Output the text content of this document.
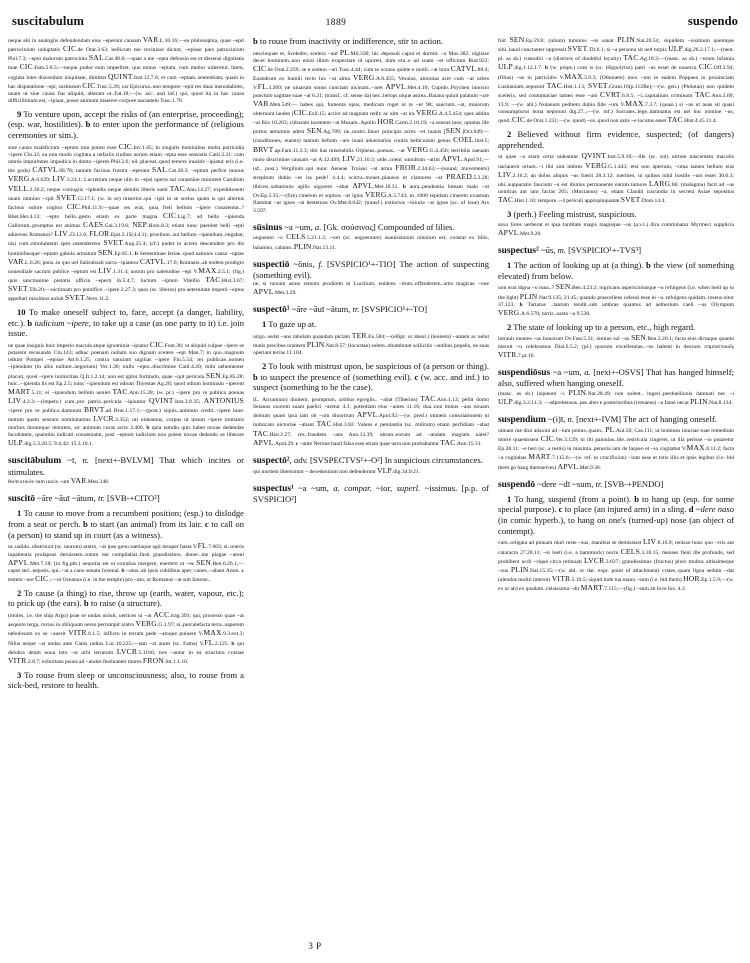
suscitabulum	1889	suspendo

neque alii in analogiis defendendam eius ~eperunt causam VAR.L.10.16;—ea philosophia, quae ~epit patrocinium uoluptatis CIC.de Orat.3.63; bellicum me cecinisse dicunt, ~episse pars patrocinium Phil.7.3; ~epto malorum patrocinio SAL.Cat.48.8;—quae a me ~epta defensio est et dissensi dignitatis tuae CIC.Fam.5.8.5;—neque..pudor eum impediret, quo minus ~eptam, cum melior uideretur, litem, cognita inter discendum iniquitate, dimittat QUINT.Inst.12.7.6; et cum ~eptam..sententiam, quam in hac disputatione ~epi, sustineam CIC.Tusc.5.28; car Epicurus..uno tempore ~epit res duas inenodabiles, unam ut sine causa fiat aliquid, alteram ut..Fat.18;—(w. acc. and inf.) qui, quod ita in hac causa difficillimum est, ~ipiant, posse animum maerere corpore uacantem Tusc.1.78.

9 To venture upon, accept the risks of (an enterprise, proceeding); (esp. war, hostilities). b to enter upon the performance of (religious ceremonies or sim.).

sine causa maleficium ~eptum non potest esse CIC.Inv.1.45; in singulis hominibus multa parricidia ~ipere Clu.32; ea non modo cogitata a nefariis ciuibus uerum etiam ~epta esse sensistis Catil.3.21; cum omnis impuritates impudica in domo ~iperes Phil.2.6; nil..placeat..quod temere inusitis ~ipiatur eris (i.e. the gods) CATVL.68.78; tantum facinus frustra ~eperant SAL.Cat.28.3; ~eptum perfice munus VERG.A.6.629; LIV.3.24.1; Lucretium neque ullo in ~epsi operis sui conamine minorem Catullum VELL.2.36.2; neque coniugiis ~iplendis neque alendis liberis sueti TAC.Ann.14.27; expeditionem unam omnino ~cpit SVET.Cl.17.1; (w. in se) miserior..qui ~ipit in se scelus quam is qui alterius facinus subire cogitur CIC.Phil.11.9;—quae res erat, quia freti bellum ~ipere conarentur..? Rhet.Her.4.13; ~epto bello..gesto etiam ex parte magna CIC.Lig.7; ad bella ~ipienda Gallorum..promptus est animus CAES.Gal.3.19.6; NEP.Hom.8.3; etiam nunc paenitet belli ~epti aduersus Romanos? LIV.23.12.6; FLOR.Epit.2.15(4.4.1); proelium..aut bellum ~ipiendum..negabat, nisi cum..emolumenti spes..ostenderetur SVET.Aug.25.4; (cf.) pudet in aciem descendere pro dis hominibusque ~eptam gabula armatum SEN.Ep.85.1. b Sementiuae feriae..quod sationis causa ~optae VAR.L.6.26; pons..in quo uel Salisubsali sacra ~ipiantur CATVL.17.6; Romanis..ab eodem prodigio nouendiale sacrum publice ~eptum est LIV.1.31.4; uotum pro ualetudine ~epi V.MAX.2.5.1; (fig.) quis sanctissime pietatis officia ~eperit ib.5.4.7; luctum ~iptum Vitellio TAC.Hist.3.67; SVET.Tib.20;—uictimam pro pontifice..~ipere 2.27.3; quos (sc. liberos) pro aeternitate imperii ~eptos appellari maximos uoluit SVET.Nero 11.2.

10 To make oneself subject to, face, accept (a danger, liability, etc.). b iudicium ~ipere, to take up a case (as one party to it) i.e. join issue.

ne quae insignis huic imperio macula atque ignominia ~ipiatur CIC.Font.36; ut aliquid culpae ~ipere se putarent recusando Clu.143; adhuc poenam nullam suo dignam scelere ~ept Man.7; in quo..magnum odium Pompei ~episse Att.6.1.25; contra naturam uigilias ~ipere Fin.5.54; rei publicae..nomen ~ipiendum (in aliis nullum..negotium) Ver.1.36; nullo ~epto..discrimine Catil.4.20; mihi uehementer placuit, quod ~ipere inimicitias Q.fr.1.2.14; non est igitur fortitudo, quae ~ipit pericula SEN.Ep.85.28; huic..~ipienda lis est Ep.2.5; nunc ~ipiendum est odium Thyestae Ag.28; quod odium hominum ~iperent MART.5.11; ei ~ipiendum bellum ueniet TAC.Ann.15.28; (w. pr.) ~ipere pro re publica poenas LIV.4.2.3;—(impers.) cum..pro patria..pericula ~ipiuntur QVINT.Inst.3.8.35; ANTONIUS ~ipere pro re publica..damnum BRVT.ad Brut.1.17.1;—(post.) siquis..animum credit..~ipere hunc motum quem sensum nominitamus LVCR.3.352; uti uideamus, corpus ut ipsum ~ipere immanis morbos durumque dolorem, sic animum curas acris 3.460. b quia tamdiu quis habet noxae dedendae facultatem, quamdiu iudicati conueniatur, post ~eptum iudicium non potest noxae dedendo se liberare ULP.dig.5.3.20.5; 9.4.42; 15.3.10.1.

suscitābulum ~ī, n. [next+-BVLVM] That which incites or stimulates.

θωπευτικὸν sum uocis ~um VAR.Men.348.

suscitō ~āre ~āuī ~ātum, tr. [SVB-+CITO²]

1 To cause to move from a recumbent position; (esp.) to dislodge from a seat or perch. b to start (an animal) from its lair. c to call on (a person) to stand up in court (as a witness).

ut..ualido..obstrinxit (sc. taurum) aratro, ~at ipse genu saetiaque agit insuper hasta V.FL.7.603; si..oneris inpatientia prolapsus deruissem..totum me compilabat..fusti grandissimo, donec..me plagae ~arent APVL.Met.7.18; (in fig.phr.) nequitia est ut extrahas mergere, euertere ut ~es SEN.Ben.6.26.1;—caput seri..nepotis..qui..~at a cano senatu Iuvenal. b ~atus..ab ipsis cubilibus aper; canes..~abant Amm. c testem ~are CIC.;—ut Oceanus (i.e. in the temple) pro ~ato, ut Romanus ~at sub Iunone..

2 To cause (a thing) to rise, throw up (earth, water, vapour, etc.); to prick up (the ears). b to raise (a structure).

(moles, i.e. the ship Argo) prae se undas uoluit, uertices ui ~at ACC.trag.393; qui, processo quae ~at aequore terga, rursus in obliquum uerso perrumpit aratro VERG.G.1.97; si..percalefacta terra..uaporem nebulosum ex se ~auerit VITR.8.1.5; inflicto in terram pede ~atoque puluere V.MAX.9.3.ext.3; Nilus neque ~at undas ante Canis radios Luc.10.225;—iam ~at aures (sc. Fama) V.FL.2.125. b qui delubra deum noua toto ~st orbi terrarum LVCR.5.1166; tres ~antur in ea structura crustae VITR.2.8.7; exhortans psuos ad ~andos festinanter mures FRON.Str.1.1.10.

3 To rouse from sleep or unconsciousness; also, to rouse from a sick-bed, restore to health.

b to rouse from inactivity or indifference, stir to action.

nescioquae te, Sceledre, scelera ~ant PL.Mil.330; hic deposuit caput et dormit. ~a Mos.382; uigilare decet hominem..non enim illum exspectare id oportet, dum eru..e ad suam ~et officium Rud.922; CIC.de Orat.2.259; se e somno ~ari Tusc.4.44; cum te octaua quiete e molli..~at hora CATVL.80.4; Euandrum ex humili tecto lux ~at alma VERG.A.8.455; Vesuius, attonitas acer cum ~at urbes V.FL.3.209; ne uiuarum sonus cunctam uicinam..~aret APVL.Met.4.10; Cupido..Psychen innoxio punctulo sagittae suae ~at 6.21; (transf., cf. sense 4a) nec..helops utque astrea..Baiana quiuit palatum ~are VAR.Men.549;— habes qui, fomenta opus, medicam roget ut te ~et 90; saucium..~at, maiorum obteruunt laudes [CIC.Exil.15; acrior ad magnam redit; ac uim ~at ira VERG.A.4.5.454; spes addita ~at Ibis 10.263; citharam tacentem ~at Musam..Apollo HOR.Carm.2.10.19; ~a sensus tuos; optatus ille portus aerumnis adest SEN.Ag.789; ne..nostri..fauor principis acres ~et inanis [SEN.]Oct.649;—(conditiones, euents) tantum bellum ~are inani aduersarios contra bellicosum genus COEL.hist.5; BRVT.ap.Fam.11.3.3; tibi has miserabilis Orpheus..poenas.. ~at VERG.G.4.456; terribilis saeuam mulo discrimine causam ~at A.12.499; LIV.21.10.3; uide..coem :umultum ~arint APVL.Apol.91;—(sf., post.) Vergilium..qui nunc Aeneae Troiani ~at arma FROR.2.34.63;—(sound, movements) strepitum dubio ~et ira pede! 4.4.4; scurra..mouet..plausus et clamores ~at PRAED.5.3.28; tibicen..saltationis agilis uigorem ~abat APVL.Met.10.31. b aura..pendentia luteam malo ~at Ov.Ep.5.35;—(fire) cinerem et sopitos ~at ignis VERG.A.5.743; m..1000 tepidam cinerem exustum flammat ~at ignes ~at hesternos Ov.Met.8.642; (transf.) extinctos ~iniuria ~at ignes (sc. of loue) Ars 3.597.

sūsinus ~a ~um, a. [Gk. σούσινος] Compounded of lilies.

unguento ~o CELS.5.21.1.2; ~um (sc. unguentum) suauissimum omnium est; constat ex liliis, balanino, calamo..PLIN.Nat.13.11.

suspectiō ~ōnis, f. [SVSPICIO¹+-TIO] The action of suspecting (something evil).

ne, si rursum asino remoto prodirem in Lucilium, euidens ~itum..offenderem..artis magicae ~one APVL.Met.3.29.

suspectō¹ ~āre ~āuī ~ātum, tr. [SVSPICIO¹+-TO]

1 To gaze up at.

uirgo..sedat ~ans tabulam quandam pictam TER.Eu.584;—(ellipt. or absol.) (leonem) ~antem ac uelut mutis precibus orantem PLIN.Nat.8.57; (locustae) solem..obumbrant sollicitis ~antibus popalis, ne suas operiant terras 11.104.

2 To look with mistrust upon, be suspicious of (a person or thing). b to suspect the presence of (something evil). c (w. acc. and inf.) to suspect (something to be the case).

(L. Arruntium) diuitem, promptum, artibus egregiis.. ~abat (Tiberius) TAC.Ann.1.13; pellit domo Seianus uxorem suam paelici ~aretur 4.3; potentiam eius ~antes 11.16; dua..non minus ~ans nouam domum quam ipsa iam ob ~um diuortium APVL.Apol.92;—(w. pred.) omnem consolationem ut inimicam uictoriae ~abant TAC.Hist.3.82. Valens e petulantia (sc. militum) etiam perfidiam ~abat TAC.Hist.2.27; rex..fraudem ~ans Ann.13.39; utrum..eorum ad ~andam magiam ualet? APVL.Apol.29. c ~ante Nerone haud falsa esse etiam quae uera non probabantur TAC.Ann.15.31.

suspectō², adv. [SVSPECTVS¹+-O²] In suspicious circumstances.

qui mortem libertorum ~ decedentium non defenderunt VLP.dig.34.9.21.

suspectus¹ ~a ~um, a. compar. ~ior, superl. ~issimus. [p.p. of SVSPICIO²]

fuit SEN.Ep.59.8; (alium) tumores ~os sanat PLIN.Nat.20.54; siquidem ~issimum quemque sibi..haud cunctanter oppressit SVET.Tit.6.1; si ~a persona sit ued turpis ULP.dig.26.2.17.1;—(neut. pl. as sb.) custodiri ~a (districts of doubtful loyalty) TAC.Ag.18.3;—(masc. as sb.) ~nrum infamia ULP.dig.1.12.1.7. b (w. preps.) cum is (sc. Hippolytus) patri ~us esset de nouerca CIC.Off.3.94; (filius) ~us in parricidio V.MAX.5.9.3; (Othonem) mox ~um in eadem Poppaea in prouinciam Lusitaniam..seposuit TAC.Hist.1.13; SVET.Gram.16(p.112Re);—(w. gen.) (Philotan) non quidem sceleris, sed contumaciae tamen esse ~um CVRT.6.8.5; ~i..capitalium criminum TAC.Ann.3.60; 13.9; —(w. abl.) Nolanum peditem dubia fide ~um V.MAX.7.3.7; (quasi.) si ~us ut auas sit quasi consumpturus bona nepotum dig.27..;—(w. inf.) Socrates..lege..damnatus est uel hoc nomine ~us, quod..CIC.de Orat.1.231;—(w. quod) ~us..quod non satis ~e locutus esset TAC.Hist.4.45.11.4.

2 Believed without firm evidence, suspected; (of dangers) apprehended.

ut quae ~a erant certa uideantur QVINT.Inst.5.9.10;—ille (sc. sol) uirtute nascentem maculis uariauerit ortum..~i tibi sint imbres VERG.G.1.443; etsi non apertum, ~uma tamen bellum erat LIV.2.16.2; an dolus aliquis ~us fuerit 28.3.12; inermes, ut quibus nihil hostile ~um esset 30.6.3; ubi..suppuratio faucium ~a est diutius permanente earum tumore LARG.66; (malagma) facit ad ~as uomicas aut iam factas 265; (Mucianus) ~a, etiam Claudii iracundia in secreta Asiae sepositus TAC.Hist.1.10; tempore..~4 periculi appropinquante SVET.Dom.14.4.

3 (perh.) Feeling mistrust, suspicious.

saxo fores uerberat et ipsa tarditate magis magisque ~us (a.v.l.) dira comminatur Myrmeci supplicia APVL.Met.9.20.

suspectus² ~ūs, m. [SVSPICIO¹+-TVS³]

1 The action of looking up at (a thing). b the view (of something elevated) from below.

non erat digna ~u luna..? SEN.Ben.4.23.2; nigricans aspericiniusque ~u refulgens (i.e. when held up to the light) PLIN.Nat.9.135; 21.45; quando praecellens celeusi esse in ~u..refulgens quidam..roseus nitor 37.123. b Tartarus ..tantum tendit..sub umbras quantus ad aetherium caeli ~us Olympum VERG.A.6.579; turris..uasto ~u 9.530.

2 The state of looking up to a person, etc., high regard.

intrauit mentes ~us honorum Ov.Fast.5.31; nimius sul ~us SEN.Ben.2.26.1; facta eius dictaque quanto meruit ~u celebramus Dial.6.5.2; (pl.) quorum excellentiae..~us habent in deorum σπμπαττικοῖς VITR.7.pr.16.

suspendiōsus ~a ~um, a. [next+-OSVS] That has hanged himself; also, suffered when hanging oneself.

(masc. as sb.) laqueum ~i PLIN.Nat.28.49; non solent.. lugeri..perduellionis damnati nec ~i ULP.dig.3.2.11.3; —adprehensus..pes alter e posterioribus (irenaeus) ~a fame necat PLIN.Nat.8.134.

suspendium ~(i)ī, n. [next+-IVM] The act of hanging oneself.

utinam me diui adaxint ad ~ium potius..quam.. PL.Aul.50; Cas.111; ut homines iniuriae tuae remedium morte quaesissent CIC.Ver.3.129; ni illi painulas..ille..restricula cingeret, ut illa perisse ~io putaretur Ep.28.11; ~e heri (sc. a restis) in maxima..penuria iam de laqueo et ~io cogitabat V.MAX.8.11.2; facta ~a cogitabas MART.7.115.6;—(w. ref. to crucifixion) ~ium sese et totis illis et ipsis legibus (i.e. bid them go hang themselves) APVL.Met.9.36.

suspendō ~dere ~dī ~sum, tr. [SVB-+PENDO]

1 To hang, suspend (from a point). b to hang up (esp. for some special purpose). c to place (an injured arm) in a sling. d ~dere naso (in comic hyperb.), to hang on one's (turned-up) nose (an object of contempt).

cum..religata ad pinnam muri reste ~sus, manibus se demisisset LIV.8.16.9; renisso hunc quo ~cris aut cataracta 27.28.11; ~si loeti (i.e. a hammock) noctu CELS.3.18.15; menses fient ille profundo, sed prohibent ucdi ~rique circa retinuati LVCR.3.637; grandissimus (fructus) plurs multos altissimeque ~sus PLIN.Nat.15.35;—(w. abl. or dat. expr. point of attachment) crates..quam ligna sedum ~dat (alendos moliti intersit) VITR.5.10.5; siquid inde tua manu ~sum (i.e. bid them) HOR.Ep.1.5.9;—(w. ex or ab) ex quadam..celsissima ~dit MART.7.115;—(fig.) ~sum ab Iove Iuv. 4.3.

3 P
